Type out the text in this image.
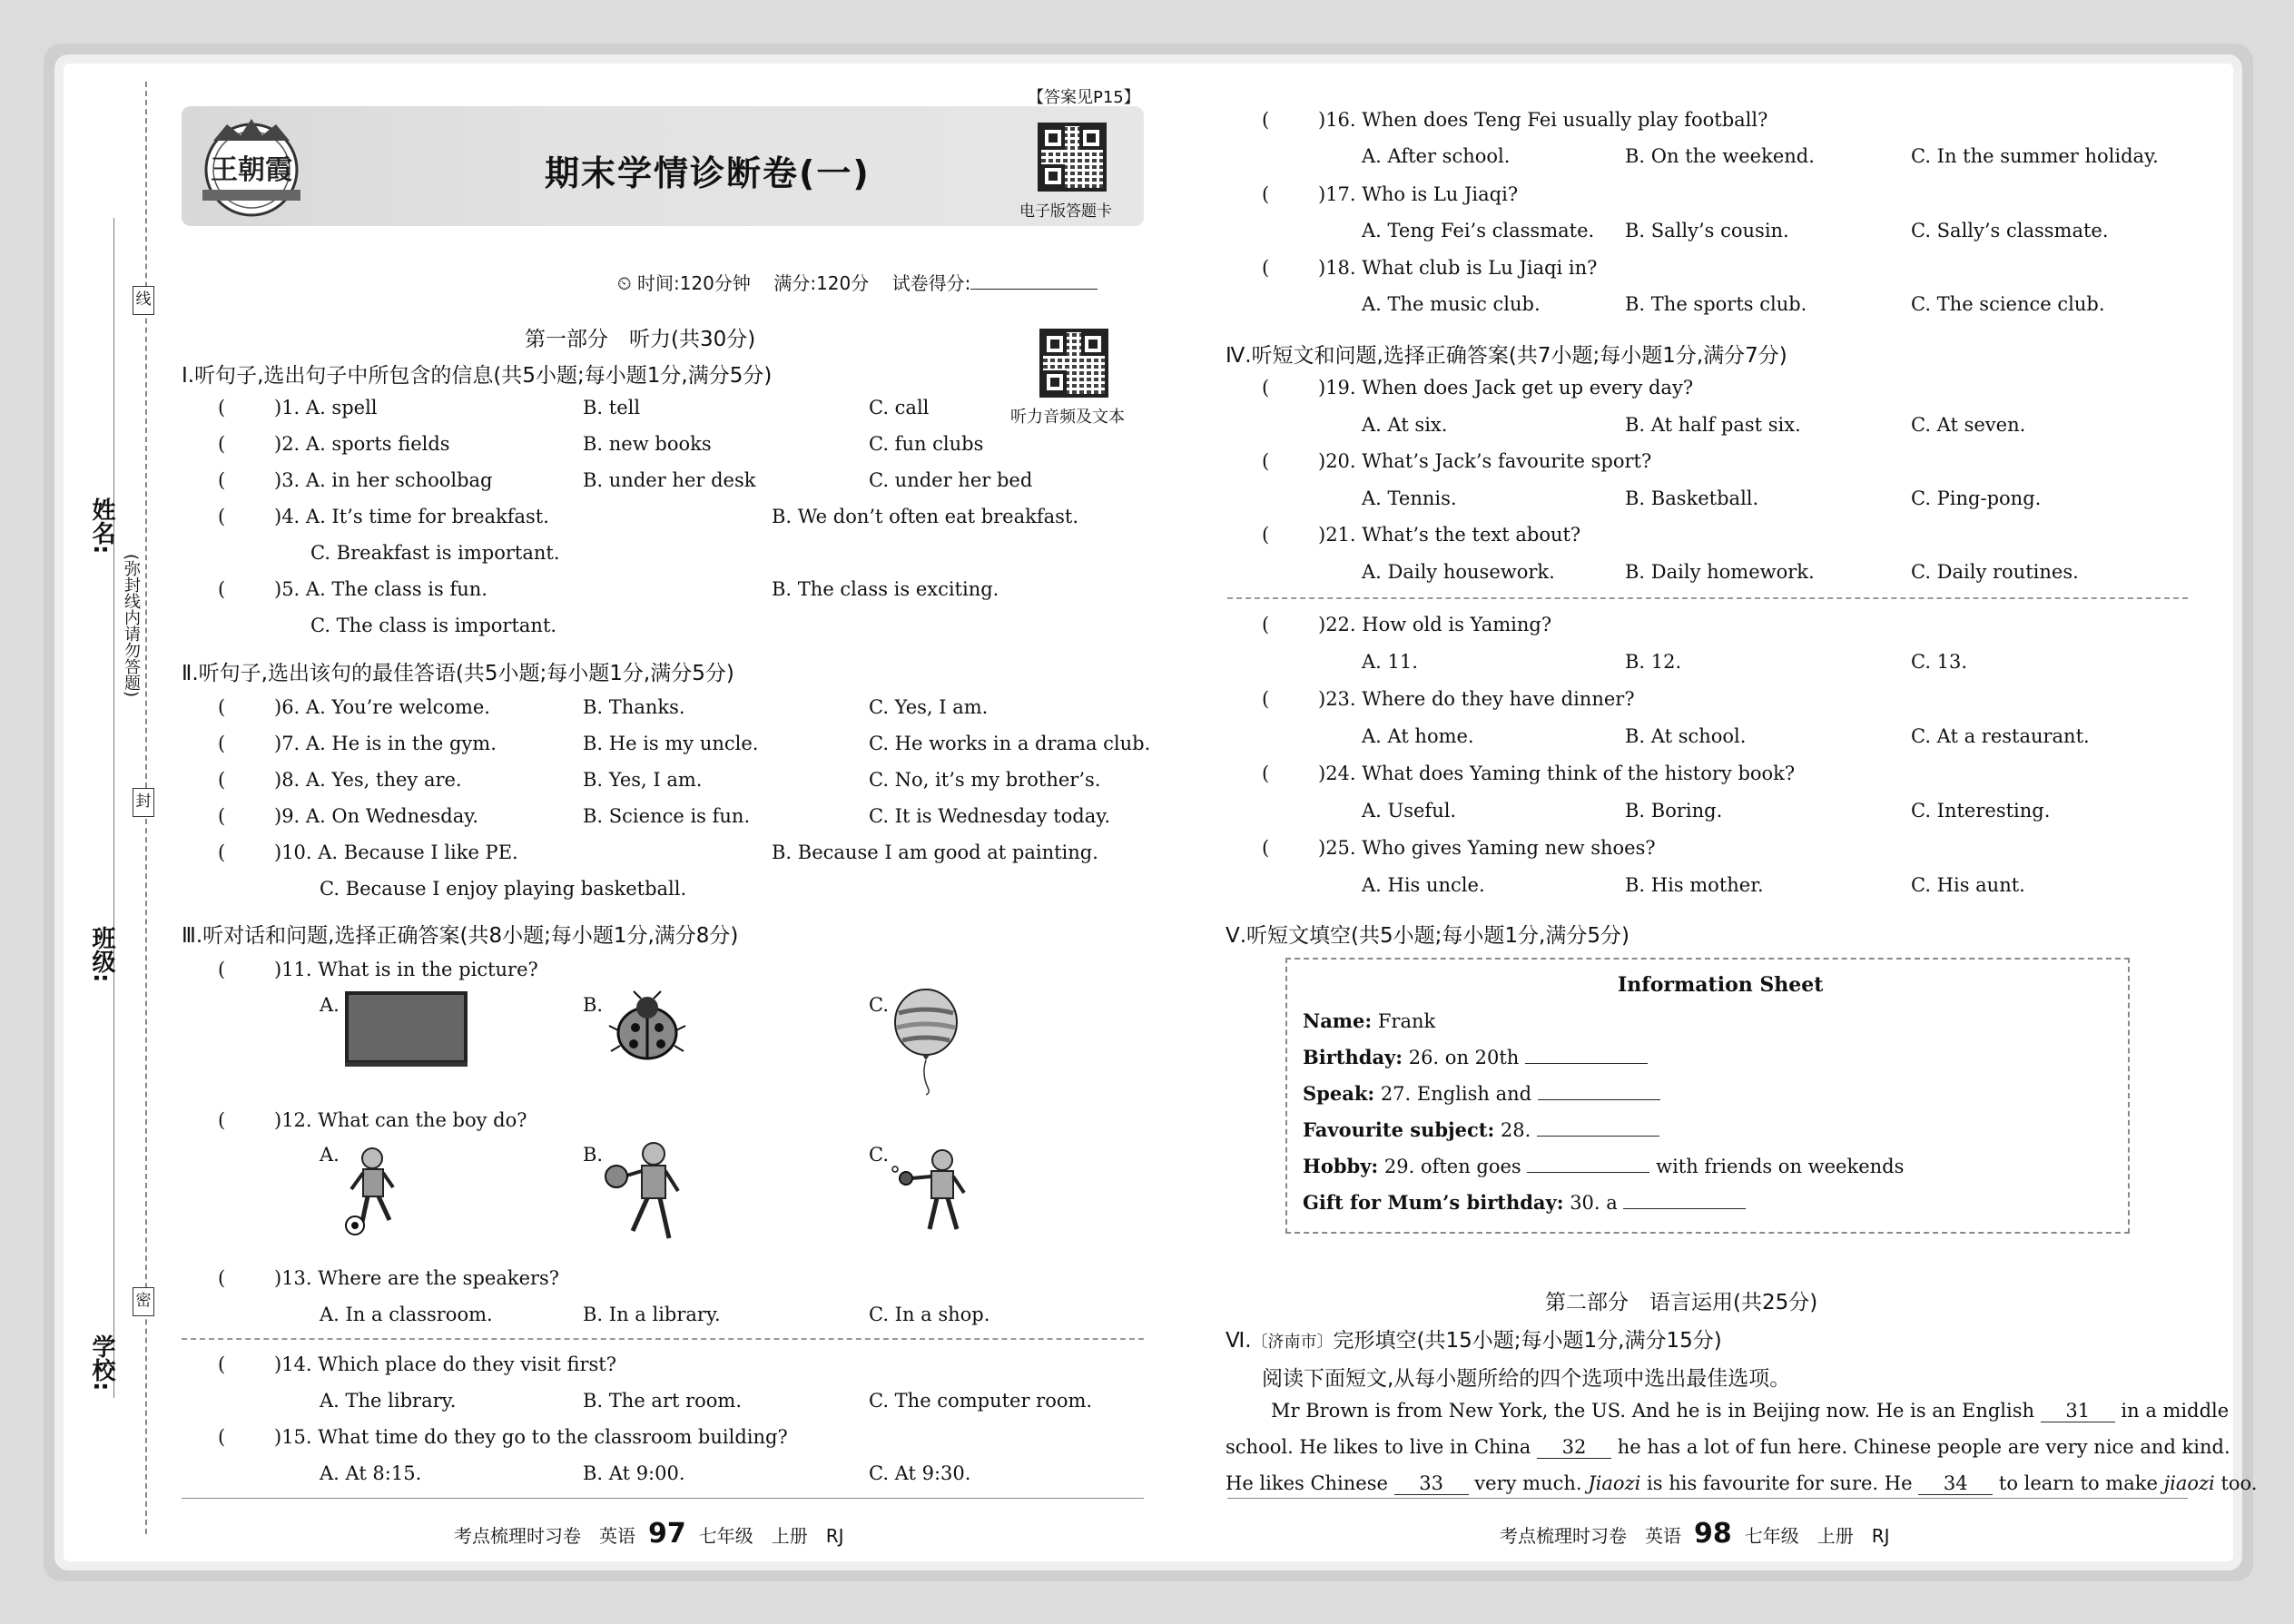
线
封
密
姓名:
班级:
学校:
(弥封线内请勿答题)
王朝霞	期末学情诊断卷(一)
【答案见P15】
电子版答题卡
⏲ 时间:120分钟 满分:120分 试卷得分:
第一部分　听力(共30分)
听力音频及文本
Ⅰ.听句子,选出句子中所包含的信息(共5小题;每小题1分,满分5分)
(	)1. A. spell	B. tell	C. call
(	)2. A. sports fields	B. new books	C. fun clubs
(	)3. A. in her schoolbag	B. under her desk	C. under her bed
(	)4. A. It’s time for breakfast.	B. We don’t often eat breakfast.
C. Breakfast is important.
(	)5. A. The class is fun.	B. The class is exciting.
C. The class is important.
Ⅱ.听句子,选出该句的最佳答语(共5小题;每小题1分,满分5分)
(	)6. A. You’re welcome.	B. Thanks.	C. Yes, I am.
(	)7. A. He is in the gym.	B. He is my uncle.	C. He works in a drama club.
(	)8. A. Yes, they are.	B. Yes, I am.	C. No, it’s my brother’s.
(	)9. A. On Wednesday.	B. Science is fun.	C. It is Wednesday today.
(	)10. A. Because I like PE.	B. Because I am good at painting.
C. Because I enjoy playing basketball.
Ⅲ.听对话和问题,选择正确答案(共8小题;每小题1分,满分8分)
(	)11. What is in the picture?
A.	B.	C.
(	)12. What can the boy do?
A.	B.	C.
(	)13. Where are the speakers?
A. In a classroom.	B. In a library.	C. In a shop.
(	)14. Which place do they visit first?
A. The library.	B. The art room.	C. The computer room.
(	)15. What time do they go to the classroom building?
A. At 8:15.	B. At 9:00.	C. At 9:30.
考点梳理时习卷　英语 97 七年级　上册　RJ
(	)16. When does Teng Fei usually play football?
A. After school.	B. On the weekend.	C. In the summer holiday.
(	)17. Who is Lu Jiaqi?
A. Teng Fei’s classmate. B. Sally’s cousin.	C. Sally’s classmate.
(	)18. What club is Lu Jiaqi in?
A. The music club.	B. The sports club.	C. The science club.
Ⅳ.听短文和问题,选择正确答案(共7小题;每小题1分,满分7分)
(	)19. When does Jack get up every day?
A. At six.	B. At half past six.	C. At seven.
(	)20. What’s Jack’s favourite sport?
A. Tennis.	B. Basketball.	C. Ping-pong.
(	)21. What’s the text about?
A. Daily housework.	B. Daily homework.	C. Daily routines.
(	)22. How old is Yaming?
A. 11.	B. 12.	C. 13.
(	)23. Where do they have dinner?
A. At home.	B. At school.	C. At a restaurant.
(	)24. What does Yaming think of the history book?
A. Useful.	B. Boring.	C. Interesting.
(	)25. Who gives Yaming new shoes?
A. His uncle.	B. His mother.	C. His aunt.
Ⅴ.听短文填空(共5小题;每小题1分,满分5分)
Information Sheet
Name: Frank
Birthday: 26. on 20th
Speak: 27. English and
Favourite subject: 28.
Hobby: 29. often goes	with friends on weekends
Gift for Mum’s birthday: 30. a
第二部分　语言运用(共25分)
Ⅵ.〔济南市〕完形填空(共15小题;每小题1分,满分15分)
阅读下面短文,从每小题所给的四个选项中选出最佳选项。
Mr Brown is from New York, the US. And he is in Beijing now. He is an English 31 in a middle
school. He likes to live in China 32 he has a lot of fun here. Chinese people are very nice and kind.
He likes Chinese 33 very much. Jiaozi is his favourite for sure. He 34 to learn to make jiaozi too.
考点梳理时习卷　英语 98 七年级　上册　RJ
